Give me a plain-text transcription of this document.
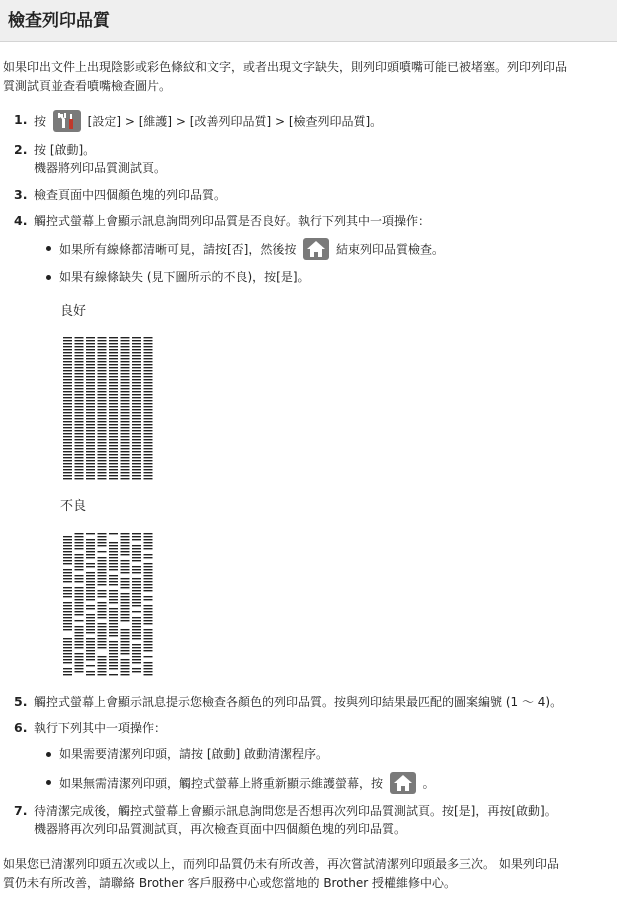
檢查列印品質
如果印出文件上出現陰影或彩色條紋和文字，或者出現文字缺失，則列印頭噴嘴可能已被堵塞。列印列印品
質測試頁並查看噴嘴檢查圖片。
1. 按	[設定] > [維護] > [改善列印品質] > [檢查列印品質]。
2. 按 [啟動]。
機器將列印品質測試頁。
3. 檢查頁面中四個顏色塊的列印品質。
4. 觸控式螢幕上會顯示訊息詢問列印品質是否良好。執行下列其中一項操作：
如果所有線條都清晰可見，請按[否]，然後按	結束列印品質檢查。
如果有線條缺失 (見下圖所示的不良)，按[是]。
良好
不良
5. 觸控式螢幕上會顯示訊息提示您檢查各顏色的列印品質。按與列印結果最匹配的圖案編號 (1 ～ 4)。
6. 執行下列其中一項操作：
如果需要清潔列印頭，請按 [啟動] 啟動清潔程序。
如果無需清潔列印頭，觸控式螢幕上將重新顯示維護螢幕，按	。
7. 待清潔完成後，觸控式螢幕上會顯示訊息詢問您是否想再次列印品質測試頁。按[是]，再按[啟動]。
機器將再次列印品質測試頁，再次檢查頁面中四個顏色塊的列印品質。
如果您已清潔列印頭五次或以上，而列印品質仍未有所改善，再次嘗試清潔列印頭最多三次。 如果列印品
質仍未有所改善，請聯絡 Brother 客戶服務中心或您當地的 Brother 授權維修中心。
